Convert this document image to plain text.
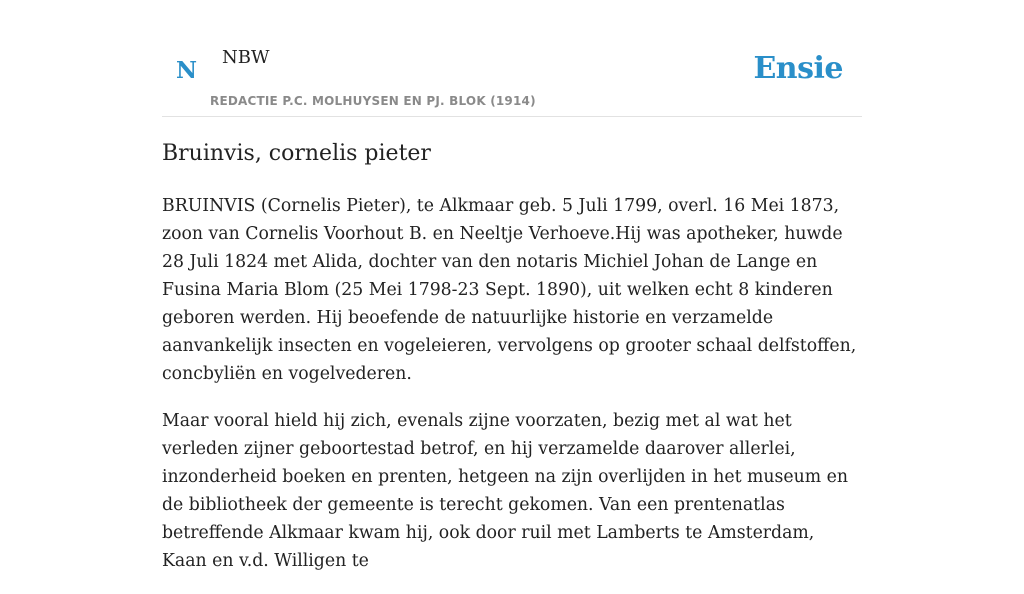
N NBW
REDACTIE P.C. MOLHUYSEN EN PJ. BLOK (1914)
Ensie
Bruinvis, cornelis pieter

BRUINVIS (Cornelis Pieter), te Alkmaar geb. 5 Juli 1799, overl. 16 Mei 1873, zoon van Cornelis Voorhout B. en Neeltje Verhoeve.Hij was apotheker, huwde 28 Juli 1824 met Alida, dochter van den notaris Michiel Johan de Lange en Fusina Maria Blom (25 Mei 1798-23 Sept. 1890), uit welken echt 8 kinderen geboren werden. Hij beoefende de natuurlijke historie en verzamelde aanvankelijk insecten en vogeleieren, vervolgens op grooter schaal delfstoffen, concbyliën en vogelvederen.

Maar vooral hield hij zich, evenals zijne voorzaten, bezig met al wat het verleden zijner geboortestad betrof, en hij verzamelde daarover allerlei, inzonderheid boeken en prenten, hetgeen na zijn overlijden in het museum en de bibliotheek der gemeente is terecht gekomen. Van een prentenatlas betreffende Alkmaar kwam hij, ook door ruil met Lamberts te Amsterdam, Kaan en v.d. Willigen te
